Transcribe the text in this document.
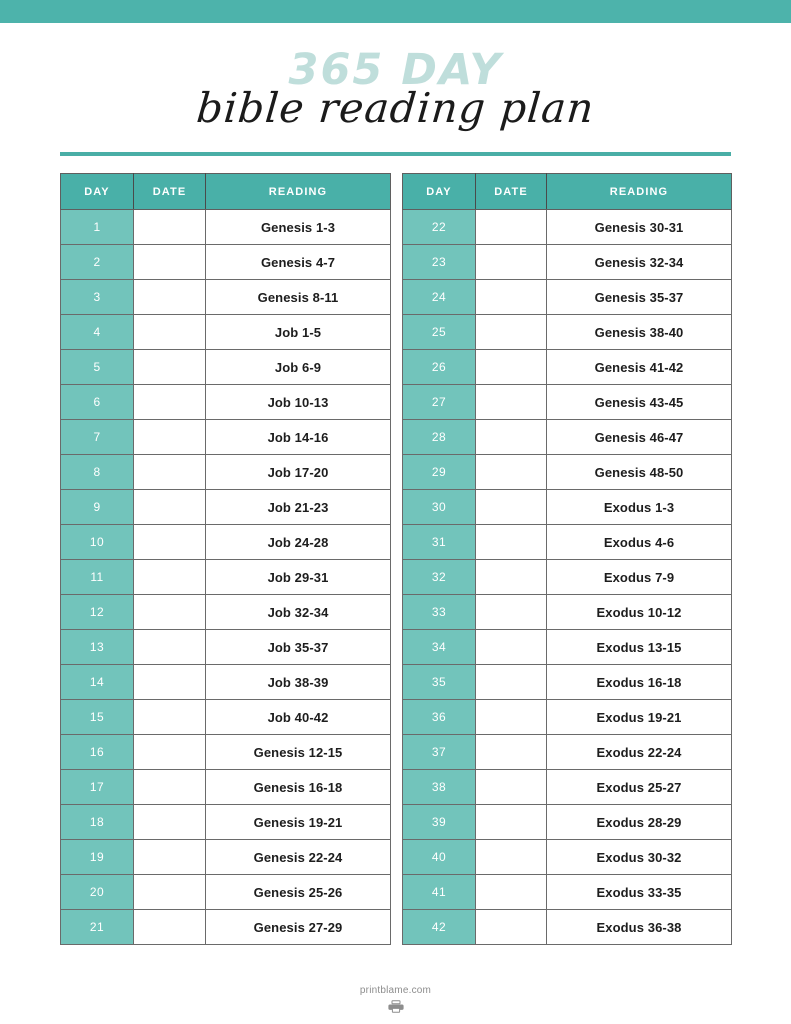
365 DAY
bible reading plan
DAY	DATE	READING
1		Genesis 1-3
2		Genesis 4-7
3		Genesis 8-11
4		Job 1-5
5		Job 6-9
6		Job 10-13
7		Job 14-16
8		Job 17-20
9		Job 21-23
10		Job 24-28
11		Job 29-31
12		Job 32-34
13		Job 35-37
14		Job 38-39
15		Job 40-42
16		Genesis 12-15
17		Genesis 16-18
18		Genesis 19-21
19		Genesis 22-24
20		Genesis 25-26
21		Genesis 27-29
DAY	DATE	READING
22		Genesis 30-31
23		Genesis 32-34
24		Genesis 35-37
25		Genesis 38-40
26		Genesis 41-42
27		Genesis 43-45
28		Genesis 46-47
29		Genesis 48-50
30		Exodus 1-3
31		Exodus 4-6
32		Exodus 7-9
33		Exodus 10-12
34		Exodus 13-15
35		Exodus 16-18
36		Exodus 19-21
37		Exodus 22-24
38		Exodus 25-27
39		Exodus 28-29
40		Exodus 30-32
41		Exodus 33-35
42		Exodus 36-38
printblame.com
